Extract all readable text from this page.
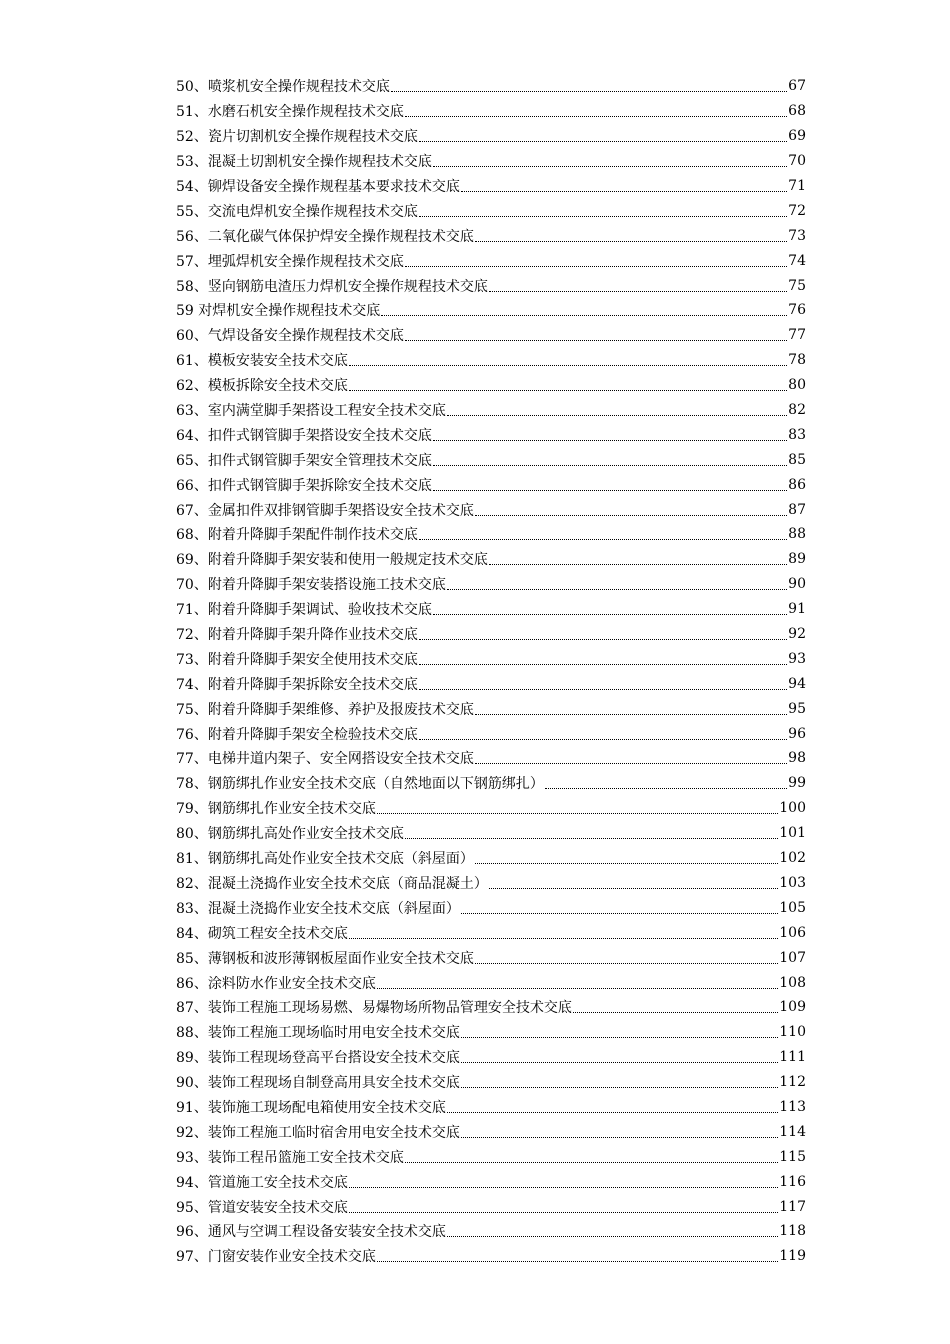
50、喷浆机安全操作规程技术交底	67
51、水磨石机安全操作规程技术交底	68
52、瓷片切割机安全操作规程技术交底	69
53、混凝土切割机安全操作规程技术交底	70
54、铆焊设备安全操作规程基本要求技术交底	71
55、交流电焊机安全操作规程技术交底	72
56、二氧化碳气体保护焊安全操作规程技术交底	73
57、埋弧焊机安全操作规程技术交底	74
58、竖向钢筋电渣压力焊机安全操作规程技术交底	75
59 对焊机安全操作规程技术交底	76
60、气焊设备安全操作规程技术交底	77
61、模板安装安全技术交底	78
62、模板拆除安全技术交底	80
63、室内满堂脚手架搭设工程安全技术交底	82
64、扣件式钢管脚手架搭设安全技术交底	83
65、扣件式钢管脚手架安全管理技术交底	85
66、扣件式钢管脚手架拆除安全技术交底	86
67、金属扣件双排钢管脚手架搭设安全技术交底	87
68、附着升降脚手架配件制作技术交底	88
69、附着升降脚手架安装和使用一般规定技术交底	89
70、附着升降脚手架安装搭设施工技术交底	90
71、附着升降脚手架调试、验收技术交底	91
72、附着升降脚手架升降作业技术交底	92
73、附着升降脚手架安全使用技术交底	93
74、附着升降脚手架拆除安全技术交底	94
75、附着升降脚手架维修、养护及报废技术交底	95
76、附着升降脚手架安全检验技术交底	96
77、电梯井道内架子、安全网搭设安全技术交底	98
78、钢筋绑扎作业安全技术交底（自然地面以下钢筋绑扎）	99
79、钢筋绑扎作业安全技术交底	100
80、钢筋绑扎高处作业安全技术交底	101
81、钢筋绑扎高处作业安全技术交底（斜屋面）	102
82、混凝土浇捣作业安全技术交底（商品混凝土）	103
83、混凝土浇捣作业安全技术交底（斜屋面）	105
84、砌筑工程安全技术交底	106
85、薄钢板和波形薄钢板屋面作业安全技术交底	107
86、涂料防水作业安全技术交底	108
87、装饰工程施工现场易燃、易爆物场所物品管理安全技术交底	109
88、装饰工程施工现场临时用电安全技术交底	110
89、装饰工程现场登高平台搭设安全技术交底	111
90、装饰工程现场自制登高用具安全技术交底	112
91、装饰施工现场配电箱使用安全技术交底	113
92、装饰工程施工临时宿舍用电安全技术交底	114
93、装饰工程吊篮施工安全技术交底	115
94、管道施工安全技术交底	116
95、管道安装安全技术交底	117
96、通风与空调工程设备安装安全技术交底	118
97、门窗安装作业安全技术交底	119
